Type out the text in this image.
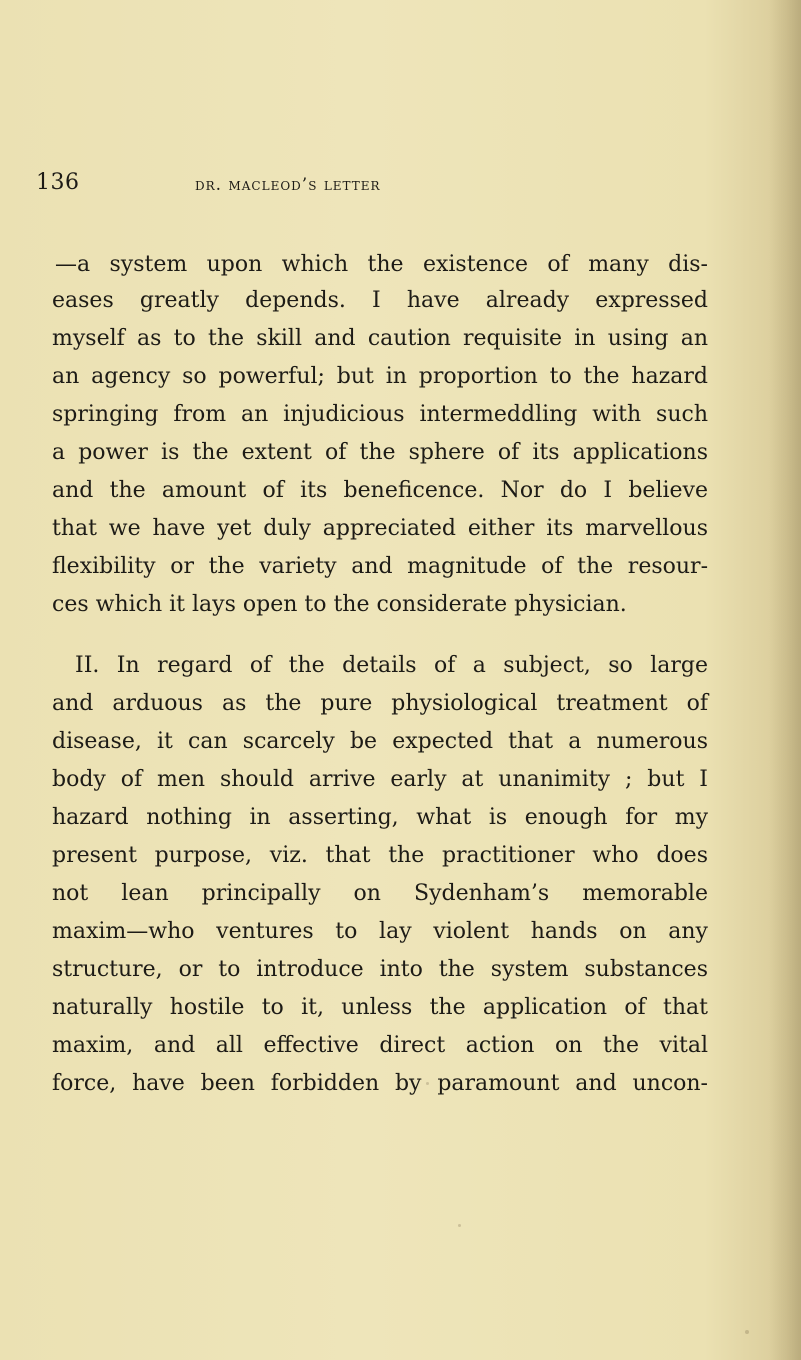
136	dr. macleod’s letter
—a system upon which the existence of many dis-
eases greatly depends. I have already expressed
myself as to the skill and caution requisite in using an
an agency so powerful; but in proportion to the hazard
springing from an injudicious intermeddling with such
a power is the extent of the sphere of its applications
and the amount of its beneficence. Nor do I believe
that we have yet duly appreciated either its marvellous
flexibility or the variety and magnitude of the resour-
ces which it lays open to the considerate physician.
II. In regard of the details of a subject, so large
and arduous as the pure physiological treatment of
disease, it can scarcely be expected that a numerous
body of men should arrive early at unanimity ; but I
hazard nothing in asserting, what is enough for my
present purpose, viz. that the practitioner who does
not lean principally on Sydenham’s memorable
maxim—who ventures to lay violent hands on any
structure, or to introduce into the system substances
naturally hostile to it, unless the application of that
maxim, and all effective direct action on the vital
force, have been forbidden by paramount and uncon-
